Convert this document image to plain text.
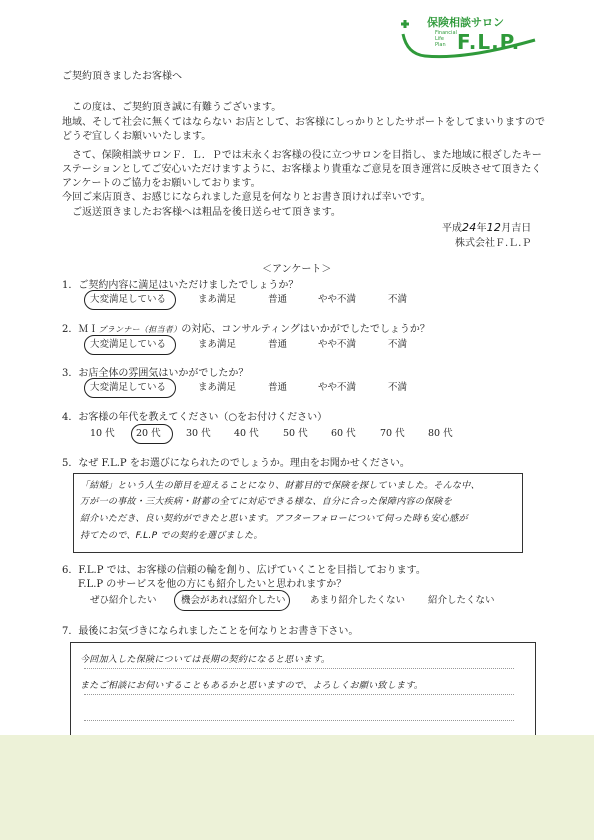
保険相談サロン
Financial
Life
Plan F.L.P.
ご契約頂きましたお客様へ
この度は、ご契約頂き誠に有難うございます。
地域、そして社会に無くてはならない お店として、お客様にしっかりとしたサポートをしてまいりますので
どうぞ宜しくお願いいたします。
さて、保険相談サロンＦ．Ｌ．Ｐでは末永くお客様の役に立つサロンを目指し、また地域に根ざしたキー
ステーションとしてご安心いただけますように、お客様より貴重なご意見を頂き運営に反映させて頂きたく
アンケートのご協力をお願いしております。
今回ご来店頂き、お感じになられました意見を何なりとお書き頂ければ幸いです。
ご返送頂きましたお客様へは粗品を後日送らせて頂きます。
平成24年12月吉日
株式会社Ｆ.Ｌ.Ｐ
＜アンケート＞
1．ご契約内容に満足はいただけましたでしょうか？
大変満足している	まあ満足	普通	やや不満	不満
2．ＭＩプランナー（担当者）の対応、コンサルティングはいかがでしたでしょうか？
大変満足している	まあ満足	普通	やや不満	不満
3．お店全体の雰囲気はいかがでしたか？
大変満足している	まあ満足	普通	やや不満	不満
4．お客様の年代を教えてください（○をお付けください）
10 代 20 代	30 代 40 代	50 代 60 代	70 代 80 代
5．なぜ F.L.P をお選びになられたのでしょうか。理由をお聞かせください。
「結婚」という人生の節目を迎えることになり、財蓄目的で保険を探していました。そんな中、
万が一の事故・三大疾病・財蓄の全てに対応できる様な、自分に合った保障内容の保険を
紹介いただき、良い契約ができたと思います。アフターフォローについて伺った時も安心感が
持てたので、F.L.P での契約を選びました。
6．F.L.P では、お客様の信頼の輪を創り、広げていくことを目指しております。
F.L.P のサービスを他の方にも紹介したいと思われますか？
ぜひ紹介したい	機会があれば紹介したい	あまり紹介したくない 紹介したくない
7．最後にお気づきになられましたことを何なりとお書き下さい。
今回加入した保険については長期の契約になると思います。
またご相談にお伺いすることもあるかと思いますので、よろしくお願い致します。
